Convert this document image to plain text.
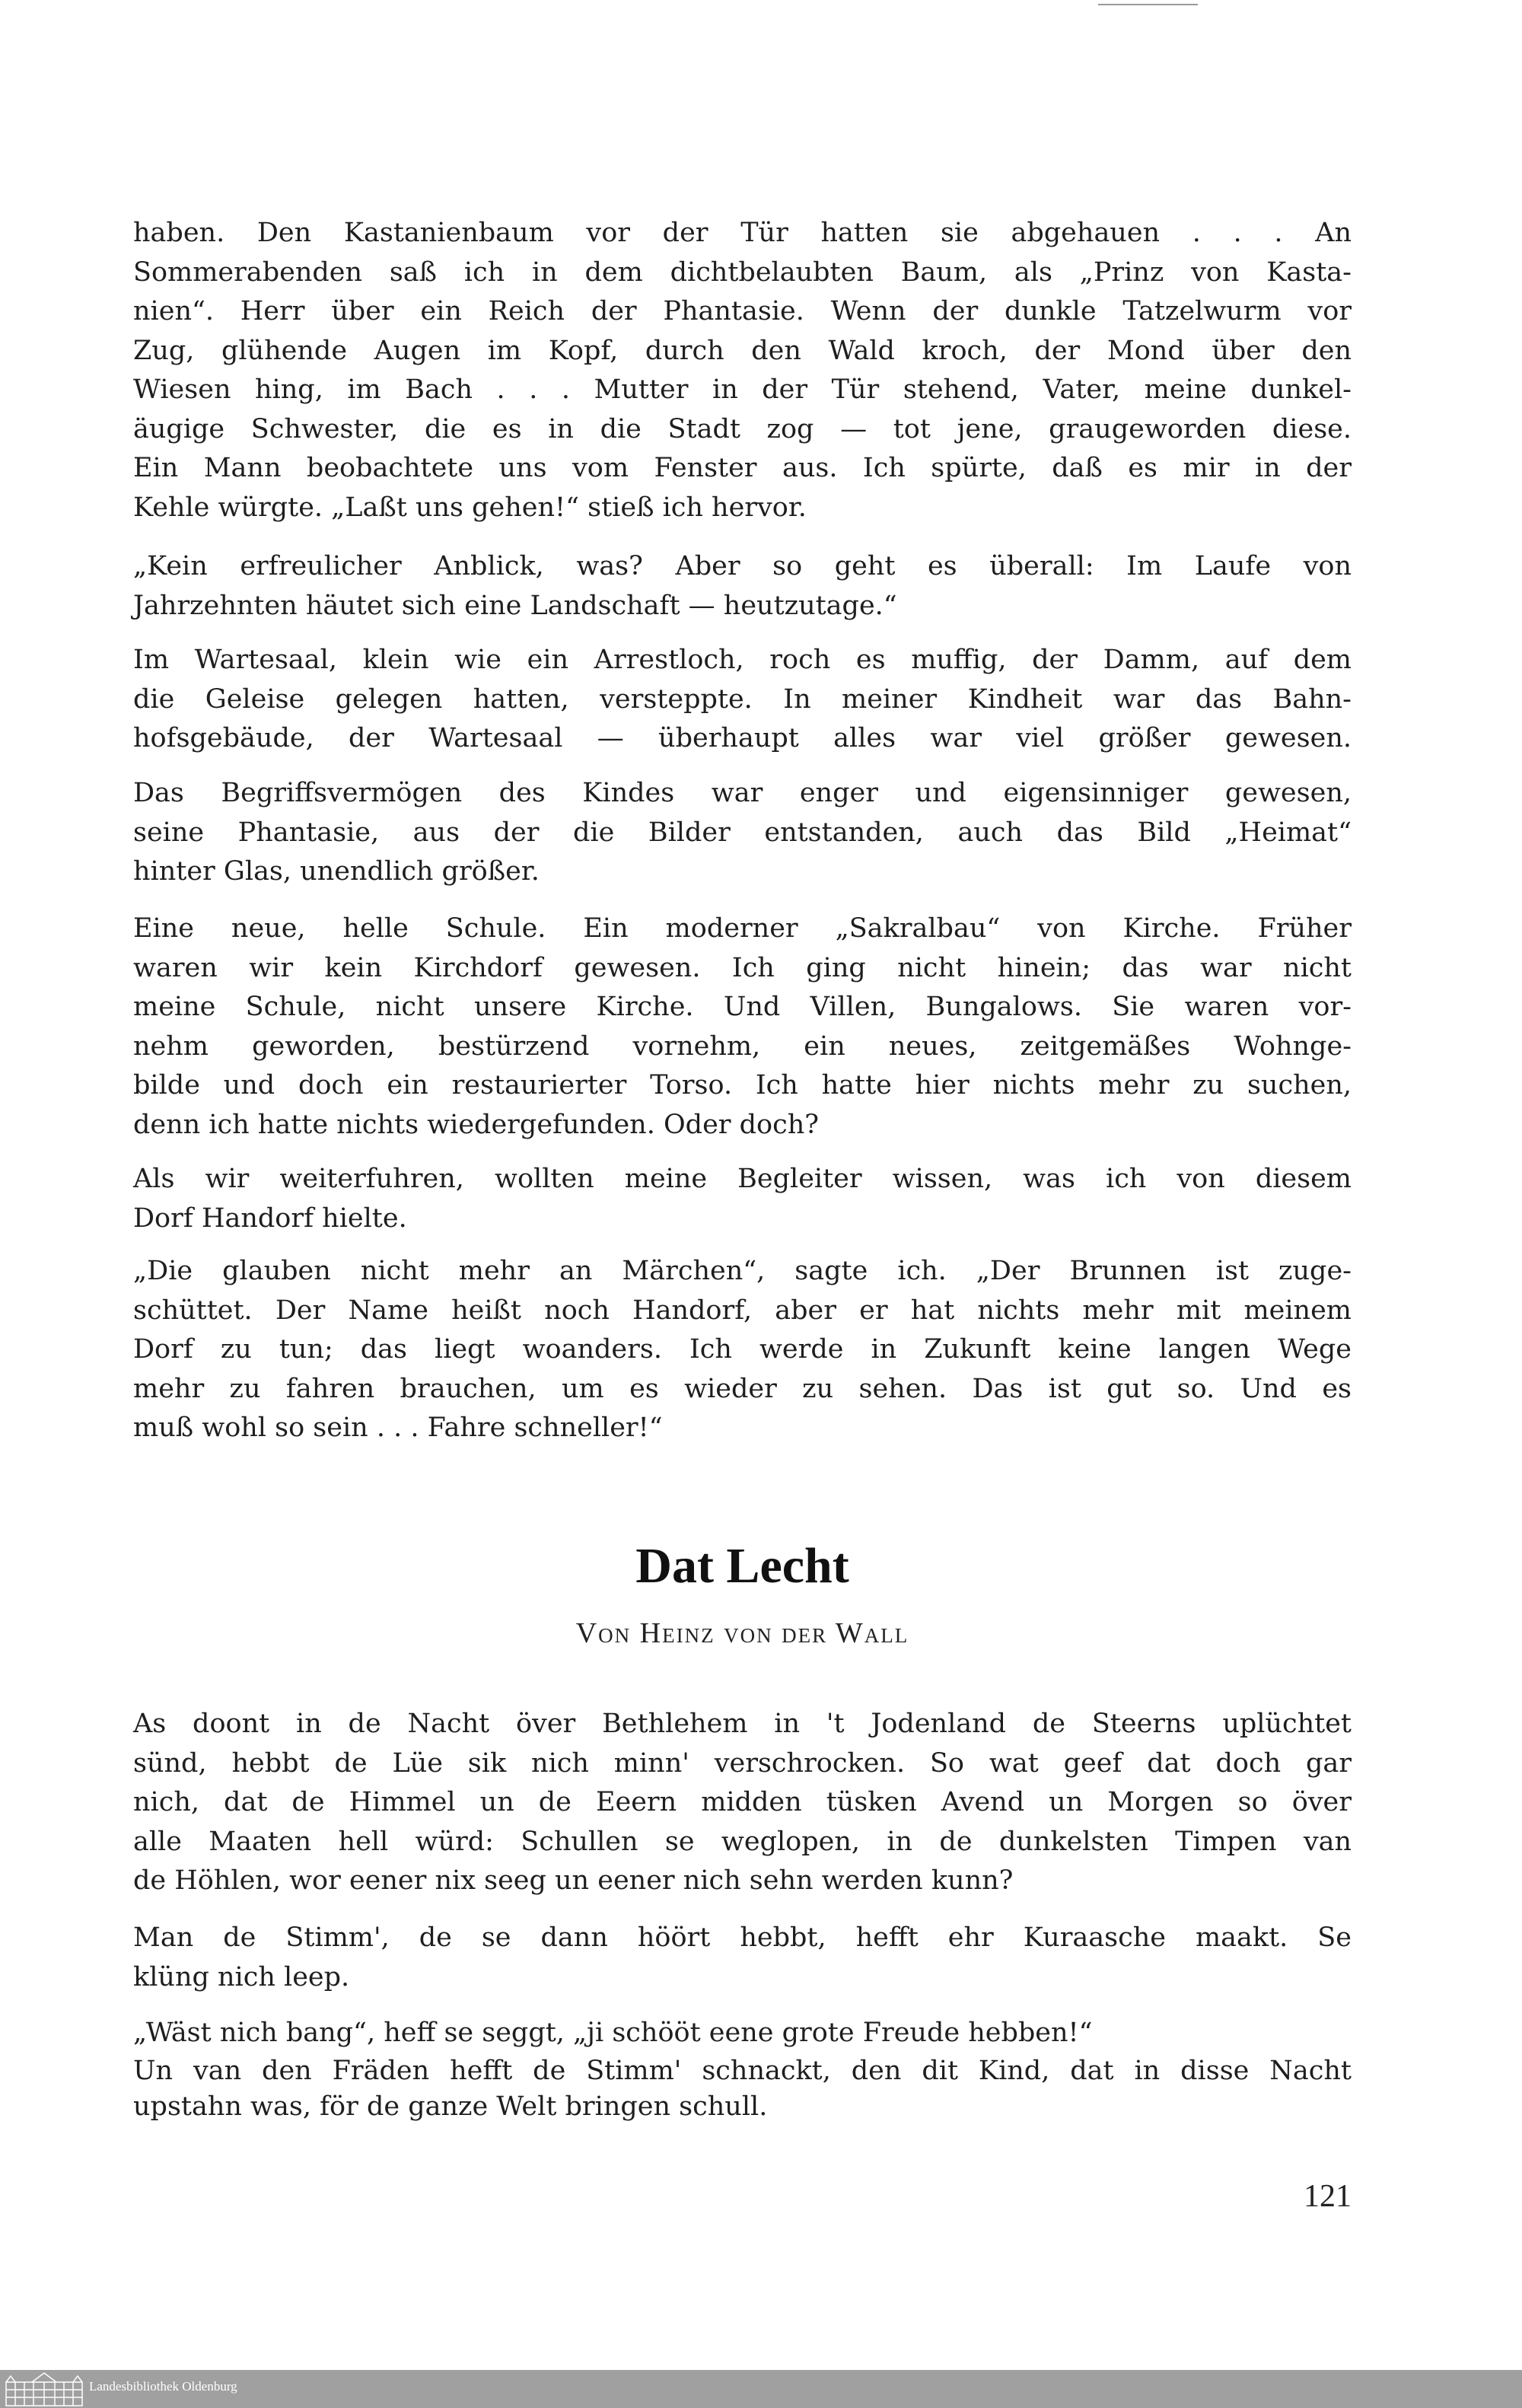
haben. Den Kastanienbaum vor der Tür hatten sie abgehauen . . . An
Sommerabenden saß ich in dem dichtbelaubten Baum, als „Prinz von Kasta-
nien“. Herr über ein Reich der Phantasie. Wenn der dunkle Tatzelwurm vor
Zug, glühende Augen im Kopf, durch den Wald kroch, der Mond über den
Wiesen hing, im Bach . . . Mutter in der Tür stehend, Vater, meine dunkel-
äugige Schwester, die es in die Stadt zog — tot jene, graugeworden diese.
Ein Mann beobachtete uns vom Fenster aus. Ich spürte, daß es mir in der
Kehle würgte. „Laßt uns gehen!“ stieß ich hervor.
„Kein erfreulicher Anblick, was? Aber so geht es überall: Im Laufe von
Jahrzehnten häutet sich eine Landschaft — heutzutage.“
Im Wartesaal, klein wie ein Arrestloch, roch es muffig, der Damm, auf dem
die Geleise gelegen hatten, versteppte. In meiner Kindheit war das Bahn-
hofsgebäude, der Wartesaal — überhaupt alles war viel größer gewesen.
Das Begriffsvermögen des Kindes war enger und eigensinniger gewesen,
seine Phantasie, aus der die Bilder entstanden, auch das Bild „Heimat“
hinter Glas, unendlich größer.
Eine neue, helle Schule. Ein moderner „Sakralbau“ von Kirche. Früher
waren wir kein Kirchdorf gewesen. Ich ging nicht hinein; das war nicht
meine Schule, nicht unsere Kirche. Und Villen, Bungalows. Sie waren vor-
nehm geworden, bestürzend vornehm, ein neues, zeitgemäßes Wohnge-
bilde und doch ein restaurierter Torso. Ich hatte hier nichts mehr zu suchen,
denn ich hatte nichts wiedergefunden. Oder doch?
Als wir weiterfuhren, wollten meine Begleiter wissen, was ich von diesem
Dorf Handorf hielte.
„Die glauben nicht mehr an Märchen“, sagte ich. „Der Brunnen ist zuge-
schüttet. Der Name heißt noch Handorf, aber er hat nichts mehr mit meinem
Dorf zu tun; das liegt woanders. Ich werde in Zukunft keine langen Wege
mehr zu fahren brauchen, um es wieder zu sehen. Das ist gut so. Und es
muß wohl so sein . . . Fahre schneller!“
Dat Lecht
Von Heinz von der Wall
As doont in de Nacht över Bethlehem in 't Jodenland de Steerns uplüchtet
sünd, hebbt de Lüe sik nich minn' verschrocken. So wat geef dat doch gar
nich, dat de Himmel un de Eeern midden tüsken Avend un Morgen so över
alle Maaten hell würd: Schullen se weglopen, in de dunkelsten Timpen van
de Höhlen, wor eener nix seeg un eener nich sehn werden kunn?
Man de Stimm', de se dann höört hebbt, hefft ehr Kuraasche maakt. Se
klüng nich leep.
„Wäst nich bang“, heff se seggt, „ji schööt eene grote Freude hebben!“
Un van den Fräden hefft de Stimm' schnackt, den dit Kind, dat in disse Nacht
upstahn was, för de ganze Welt bringen schull.
121
Landesbibliothek Oldenburg
